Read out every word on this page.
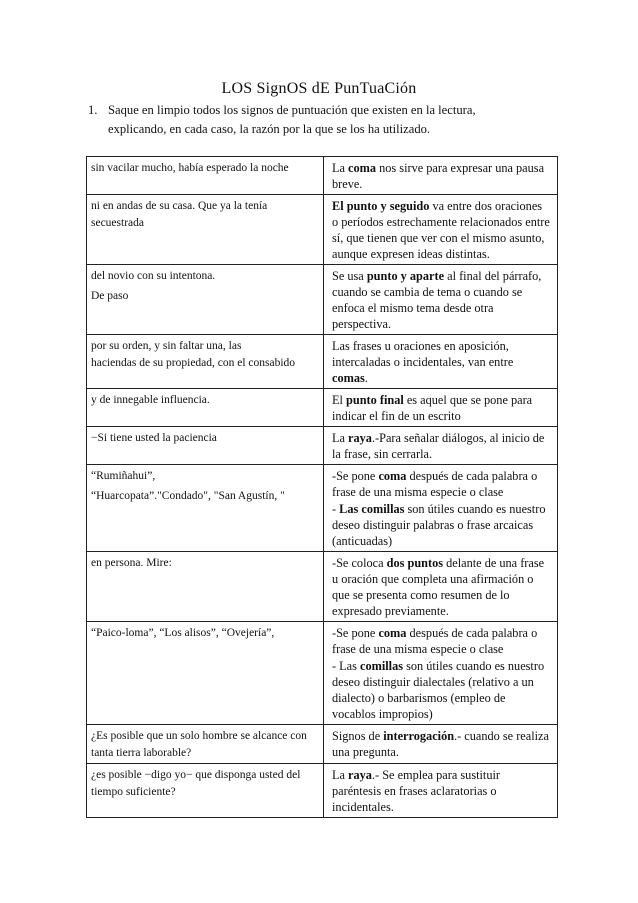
LOS SignOS dE PunTuaCión
1. Saque en limpio todos los signos de puntuación que existen en la lectura, explicando, en cada caso, la razón por la que se los ha utilizado.
sin vacilar mucho, había esperado la noche	La coma nos sirve para expresar una pausa breve.

ni en andas de su casa. Que ya la tenía secuestrada	El punto y seguido va entre dos oraciones o períodos estrechamente relacionados entre sí, que tienen que ver con el mismo asunto, aunque expresen ideas distintas.

del novio con su intentona.
De paso	Se usa punto y aparte al final del párrafo, cuando se cambia de tema o cuando se enfoca el mismo tema desde otra perspectiva.

por su orden, y sin faltar una, las
haciendas de su propiedad, con el consabido	Las frases u oraciones en aposición, intercaladas o incidentales, van entre comas.

y de innegable influencia.	El punto final es aquel que se pone para indicar el fin de un escrito

−Si tiene usted la paciencia	La raya.-Para señalar diálogos, al inicio de la frase, sin cerrarla.

“Rumiñahui”,
“Huarcopata”."Condado", "San Agustín, "	-Se pone coma después de cada palabra o frase de una misma especie o clase
- Las comillas son útiles cuando es nuestro deseo distinguir palabras o frase arcaicas (anticuadas)

en persona. Mire:	-Se coloca dos puntos delante de una frase u oración que completa una afirmación o que se presenta como resumen de lo expresado previamente.

“Paico-loma”, “Los alisos”, “Ovejería”,	-Se pone coma después de cada palabra o frase de una misma especie o clase
- Las comillas son útiles cuando es nuestro deseo distinguir dialectales (relativo a un dialecto) o barbarismos (empleo de vocablos impropios)

¿Es posible que un solo hombre se alcance con tanta tierra laborable?	Signos de interrogación.- cuando se realiza una pregunta.

¿es posible −digo yo− que disponga usted del tiempo suficiente?	La raya.- Se emplea para sustituir paréntesis en frases aclaratorias o incidentales.
